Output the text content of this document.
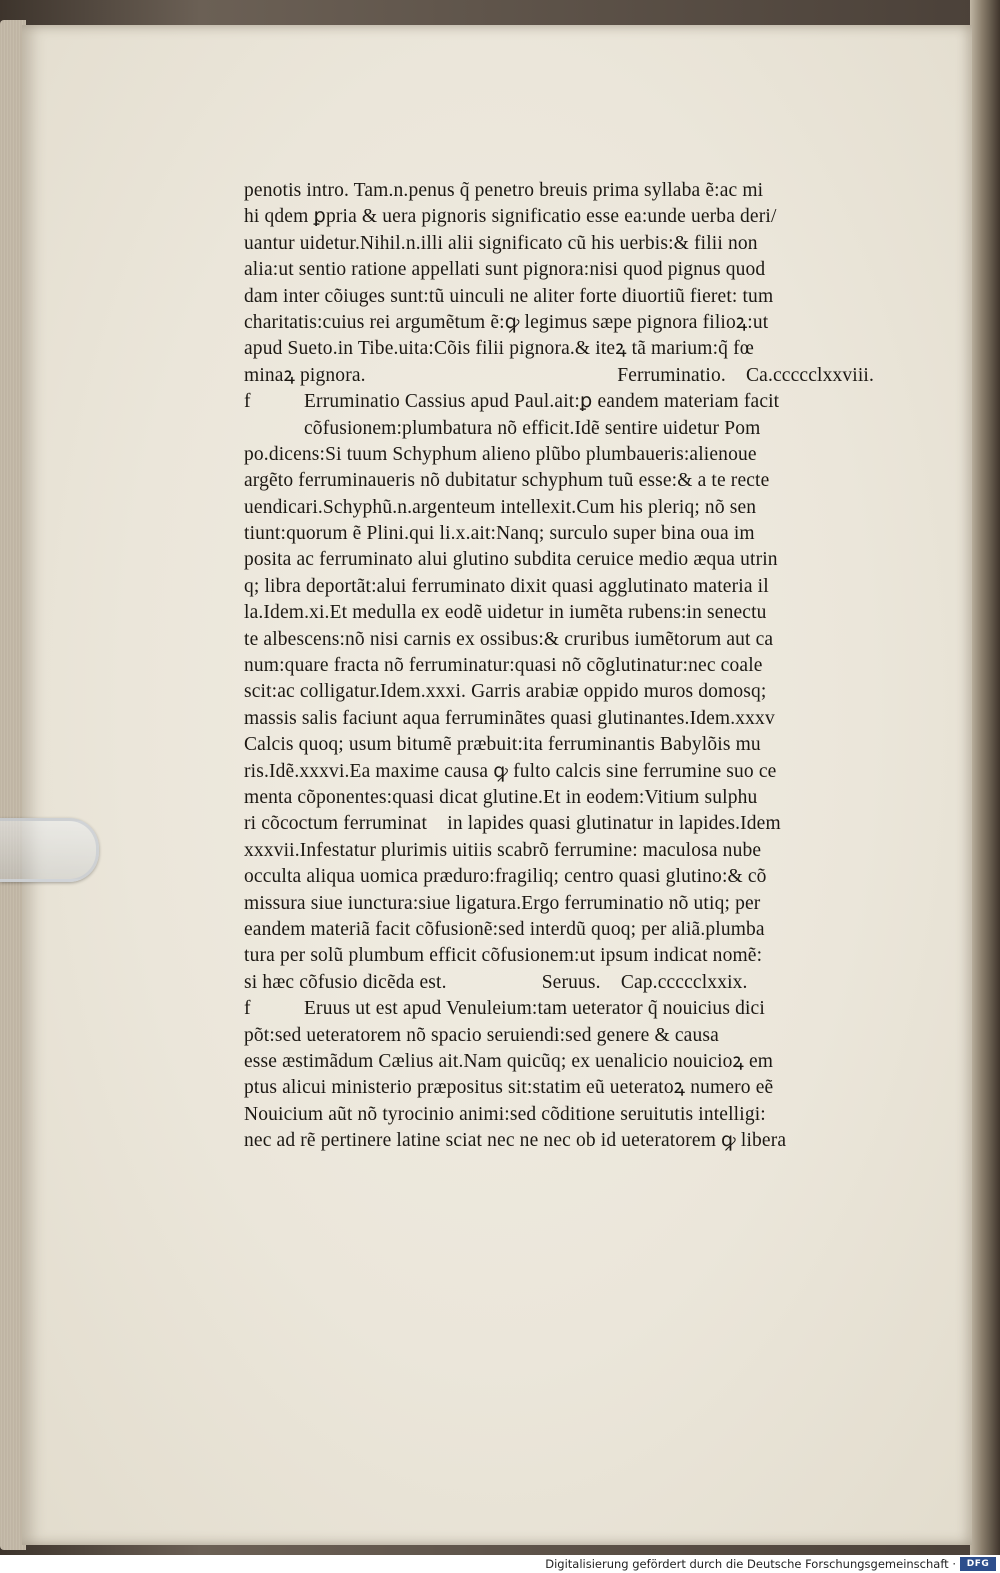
penotis intro. Tam.n.penus q̃ penetro breuis prima syllaba ẽ:ac mi
hi qdem ꝑpria & uera pignoris significatio esse ea:unde uerba deri/
uantur uidetur.Nihil.n.illi alii significato cũ his uerbis:& filii non
alia:ut sentio ratione appellati sunt pignora:nisi quod pignus quod
dam inter cõiuges sunt:tũ uinculi ne aliter forte diuortiũ fieret: tum
charitatis:cuius rei argumẽtum ẽ:ꝙ legimus sæpe pignora filioꝝ:ut
apud Sueto.in Tibe.uita:Cõis filii pignora.& iteꝝ tã marium:q̃ fœ
minaꝝ pignora.	Ferruminatio. Ca.ccccclxxviii.
f	Erruminatio Cassius apud Paul.ait:ꝑ eandem materiam facit
cõfusionem:plumbatura nõ efficit.Idẽ sentire uidetur Pom
po.dicens:Si tuum Schyphum alieno plũbo plumbaueris:alienoue
argẽto ferruminaueris nõ dubitatur schyphum tuũ esse:& a te recte
uendicari.Schyphũ.n.argenteum intellexit.Cum his pleriq; nõ sen
tiunt:quorum ẽ Plini.qui li.x.ait:Nanq; surculo super bina oua im
posita ac ferruminato alui glutino subdita ceruice medio æqua utrin
q; libra deportãt:alui ferruminato dixit quasi agglutinato materia il
la.Idem.xi.Et medulla ex eodẽ uidetur in iumẽta rubens:in senectu
te albescens:nõ nisi carnis ex ossibus:& cruribus iumẽtorum aut ca
num:quare fracta nõ ferruminatur:quasi nõ cõglutinatur:nec coale
scit:ac colligatur.Idem.xxxi. Garris arabiæ oppido muros domosq;
massis salis faciunt aqua ferruminãtes quasi glutinantes.Idem.xxxv
Calcis quoq; usum bitumẽ præbuit:ita ferruminantis Babylõis mu
ris.Idẽ.xxxvi.Ea maxime causa ꝙ fulto calcis sine ferrumine suo ce
menta cõponentes:quasi dicat glutine.Et in eodem:Vitium sulphu
ri cõcoctum ferruminatᷣ in lapides quasi glutinatur in lapides.Idem
xxxvii.Infestatur plurimis uitiis scabrõ ferrumine: maculosa nube
occulta aliqua uomica præduro:fragiliq; centro quasi glutino:& cõ
missura siue iunctura:siue ligatura.Ergo ferruminatio nõ utiq; per
eandem materiã facit cõfusionẽ:sed interdũ quoq; per aliã.plumba
tura per solũ plumbum efficit cõfusionem:ut ipsum indicat nomẽ:
si hæc cõfusio dicẽda est.	Seruus. Cap.ccccclxxix.
f	Eruus ut est apud Venuleium:tam ueterator q̃ nouicius dici
põt:sed ueteratorem nõ spacio seruiendi:sed genere & causa
esse æstimãdum Cælius ait.Nam quicũq; ex uenalicio nouicioꝝ em
ptus alicui ministerio præpositus sit:statim eũ ueteratoꝝ numero eẽ
Nouicium aũt nõ tyrocinio animi:sed cõditione seruitutis intelligi:
nec ad rẽ pertinere latine sciat nec ne nec ob id ueteratorem ꝙ libera
Digitalisierung gefördert durch die Deutsche Forschungsgemeinschaft ·	DFG
